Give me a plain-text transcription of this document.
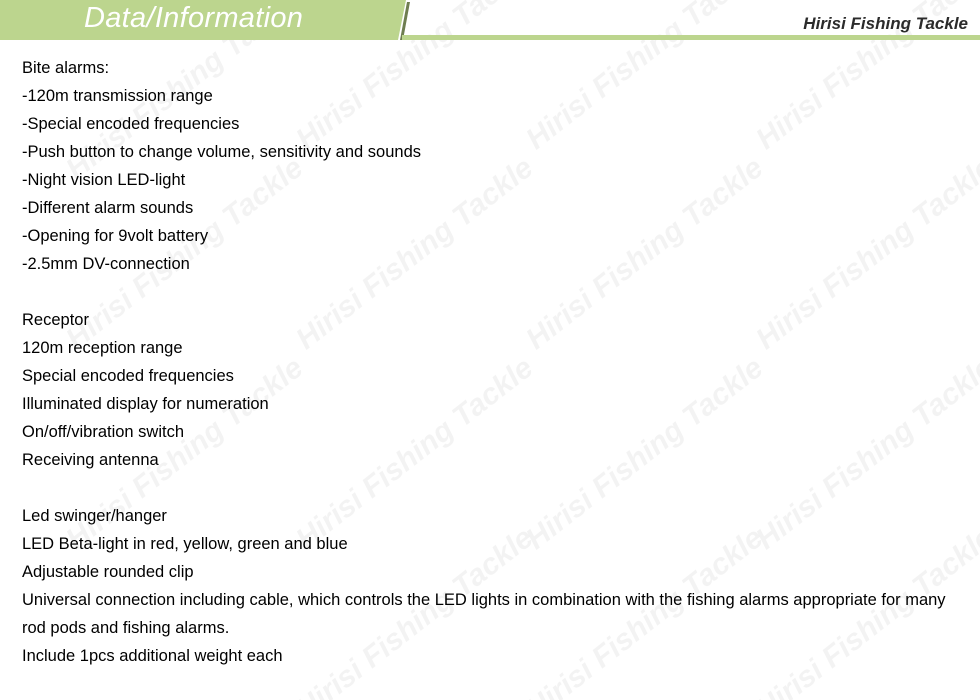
Data/Information	Hirisi Fishing Tackle
Bite alarms:
-120m transmission range
-Special encoded frequencies
-Push button to change volume, sensitivity and sounds
-Night vision LED-light
-Different alarm sounds
-Opening for 9volt battery
-2.5mm DV-connection
Receptor
120m reception range
Special encoded frequencies
Illuminated display for numeration
On/off/vibration switch
Receiving antenna
Led swinger/hanger
LED Beta-light in red, yellow, green and blue
Adjustable rounded clip
Universal connection including cable, which controls the LED lights in combination with the fishing alarms appropriate for many rod pods and fishing alarms.
Include 1pcs additional weight each
